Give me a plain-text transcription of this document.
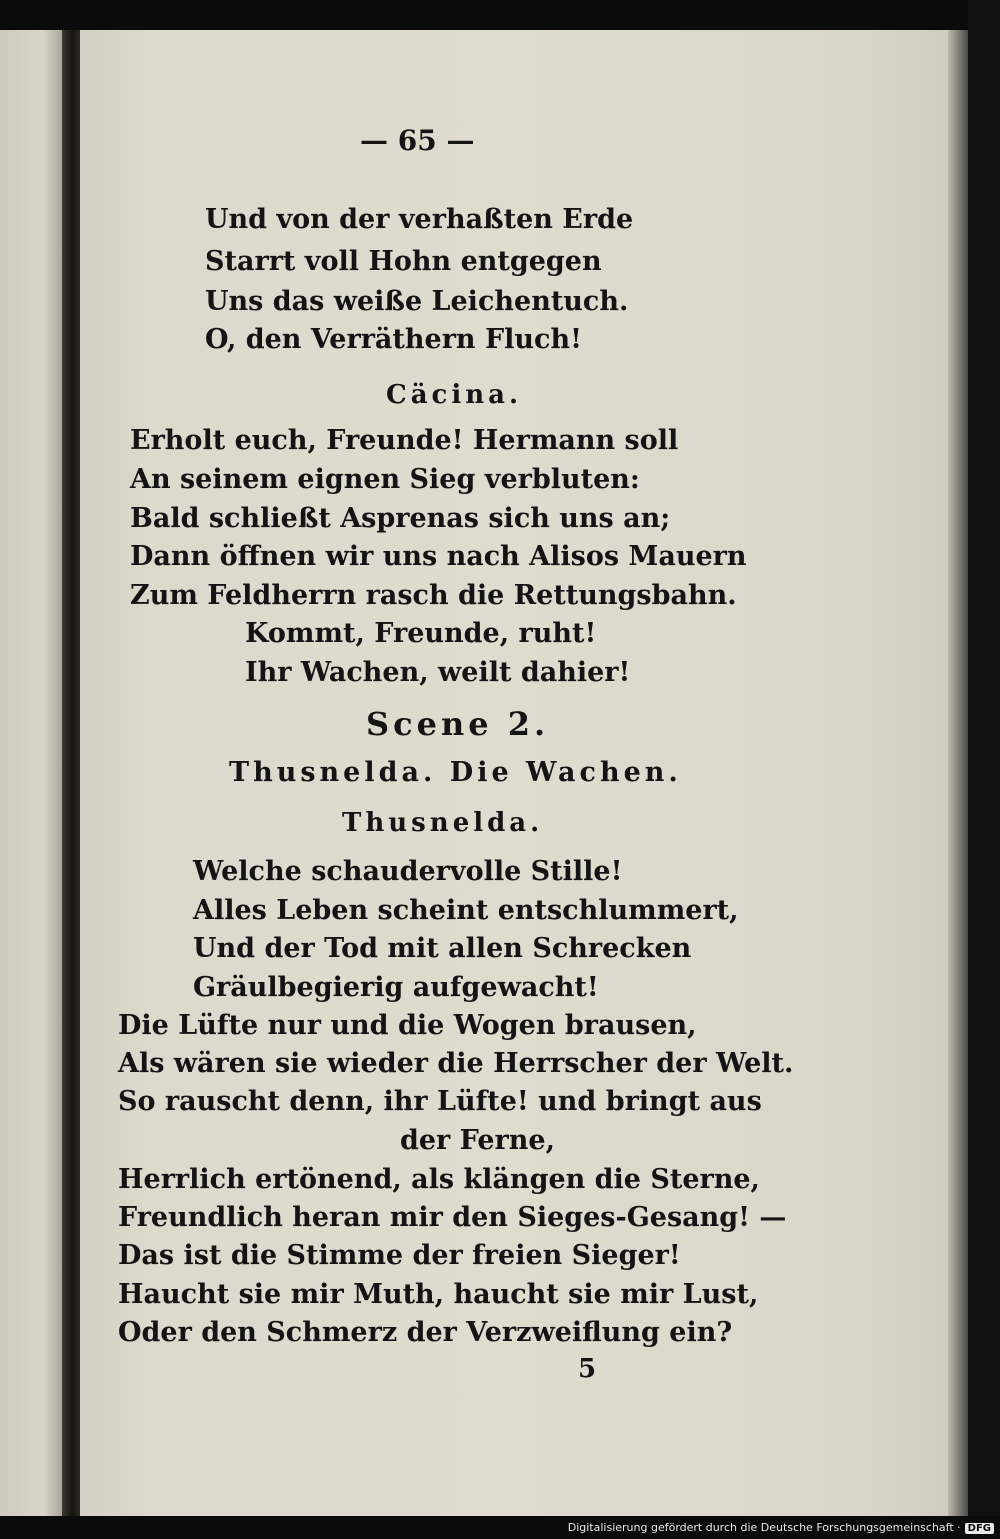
— 65 —
Und von der verhaßten Erde
Starrt voll Hohn entgegen
Uns das weiße Leichentuch.
O, den Verräthern Fluch!
Cäcina.
Erholt euch, Freunde! Hermann soll
An seinem eignen Sieg verbluten:
Bald schließt Asprenas sich uns an;
Dann öffnen wir uns nach Alisos Mauern
Zum Feldherrn rasch die Rettungsbahn.
Kommt, Freunde, ruht!
Ihr Wachen, weilt dahier!
Scene 2.
Thusnelda. Die Wachen.
Thusnelda.
Welche schaudervolle Stille!
Alles Leben scheint entschlummert,
Und der Tod mit allen Schrecken
Gräulbegierig aufgewacht!
Die Lüfte nur und die Wogen brausen,
Als wären sie wieder die Herrscher der Welt.
So rauscht denn, ihr Lüfte! und bringt aus
der Ferne,
Herrlich ertönend, als klängen die Sterne,
Freundlich heran mir den Sieges-Gesang! —
Das ist die Stimme der freien Sieger!
Haucht sie mir Muth, haucht sie mir Lust,
Oder den Schmerz der Verzweiflung ein?
5
Digitalisierung gefördert durch die Deutsche Forschungsgemeinschaft · DFG
